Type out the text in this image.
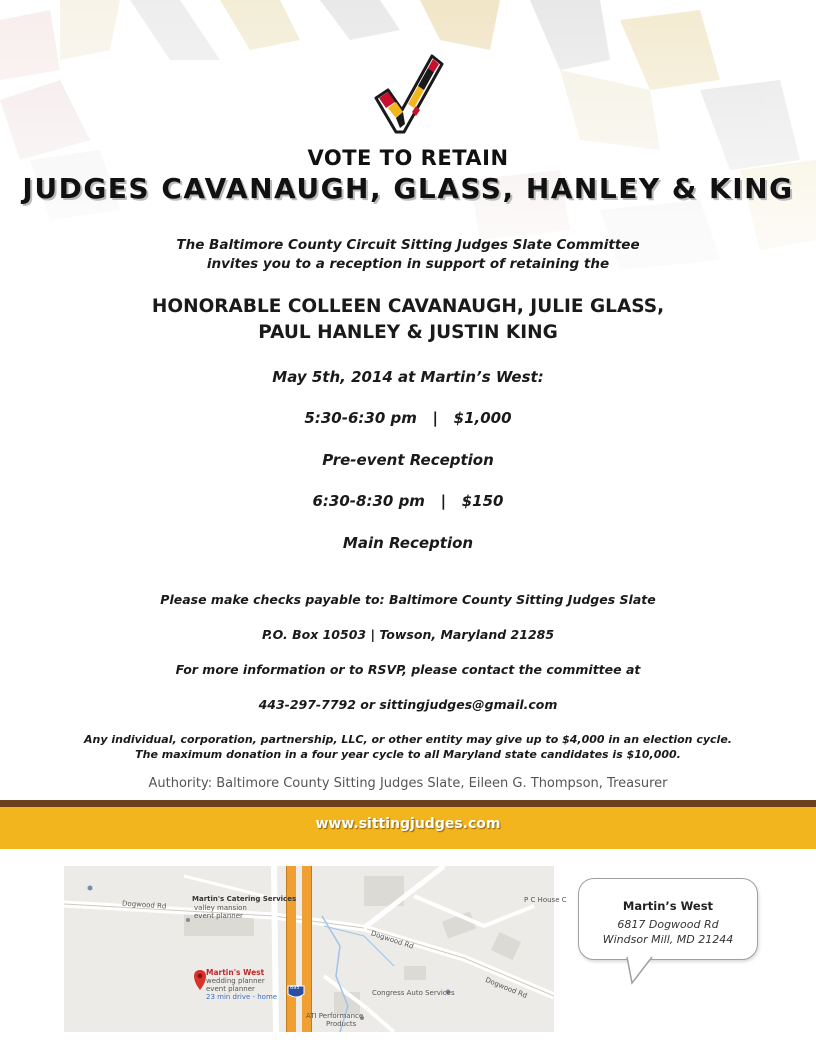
VOTE TO RETAIN
JUDGES CAVANAUGH, GLASS, HANLEY & KING
The Baltimore County Circuit Sitting Judges Slate Committee
invites you to a reception in support of retaining the
HONORABLE COLLEEN CAVANAUGH, JULIE GLASS,
PAUL HANLEY & JUSTIN KING
May 5th, 2014 at Martin’s West:
5:30-6:30 pm   |   $1,000
Pre-event Reception
6:30-8:30 pm   |   $150
Main Reception
Please make checks payable to: Baltimore County Sitting Judges Slate
P.O. Box 10503 | Towson, Maryland 21285
For more information or to RSVP, please contact the committee at
443-297-7792 or sittingjudges@gmail.com
Any individual, corporation, partnership, LLC, or other entity may give up to $4,000 in an election cycle.
The maximum donation in a four year cycle to all Maryland state candidates is $10,000.
Authority: Baltimore County Sitting Judges Slate, Eileen G. Thompson, Treasurer
www.sittingjudges.com
Dogwood Rd
Dogwood Rd
Dogwood Rd
695
Martin's Catering Services
valley mansion
event planner
P C House C
Martin's West
wedding planner
event planner
23 min drive - home	Congress Auto Services
ATI Performance
Products
Martin’s West
6817 Dogwood Rd
Windsor Mill, MD 21244
